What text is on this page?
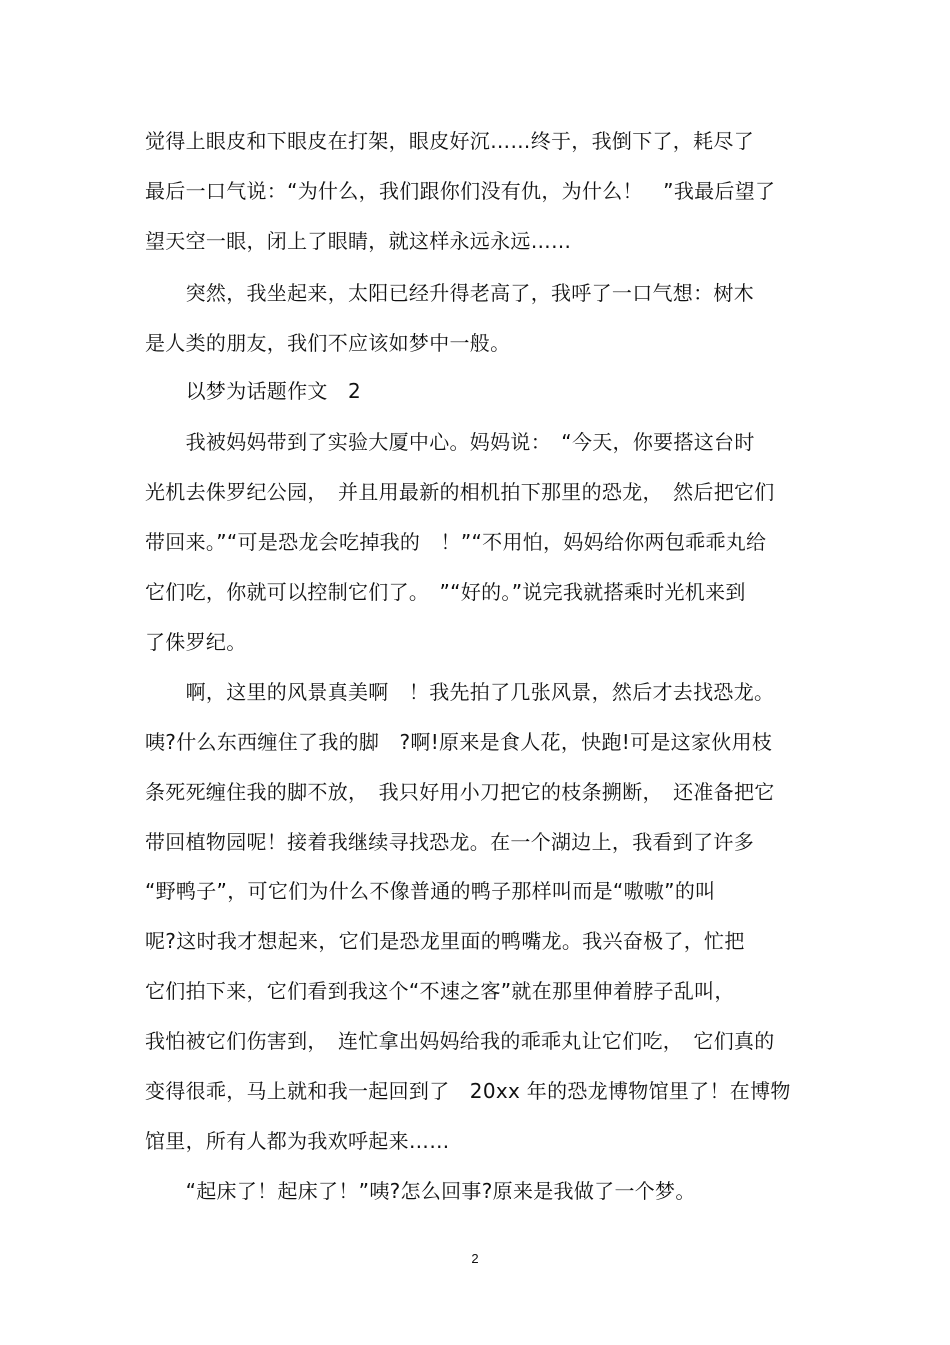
觉得上眼皮和下眼皮在打架，眼皮好沉……终于，我倒下了，耗尽了
最后一口气说：“为什么，我们跟你们没有仇，为什么！　”我最后望了
望天空一眼，闭上了眼睛，就这样永远永远……
　　突然，我坐起来，太阳已经升得老高了，我呼了一口气想：树木
是人类的朋友，我们不应该如梦中一般。
　　以梦为话题作文　2
　　我被妈妈带到了实验大厦中心。妈妈说：　“今天，你要搭这台时
光机去侏罗纪公园，　并且用最新的相机拍下那里的恐龙，　然后把它们
带回来。”“可是恐龙会吃掉我的　！”“不用怕，妈妈给你两包乖乖丸给
它们吃，你就可以控制它们了。　”“好的。”说完我就搭乘时光机来到
了侏罗纪。
　　啊，这里的风景真美啊　！我先拍了几张风景，然后才去找恐龙。
咦?什么东西缠住了我的脚　?啊!原来是食人花，快跑!可是这家伙用枝
条死死缠住我的脚不放，　我只好用小刀把它的枝条搠断，　还准备把它
带回植物园呢！接着我继续寻找恐龙。在一个湖边上，我看到了许多
“野鸭子”，可它们为什么不像普通的鸭子那样叫而是“嗷嗷”的叫
呢?这时我才想起来，它们是恐龙里面的鸭嘴龙。我兴奋极了，忙把
它们拍下来，它们看到我这个“不速之客”就在那里伸着脖子乱叫，
我怕被它们伤害到，　连忙拿出妈妈给我的乖乖丸让它们吃，　它们真的
变得很乖，马上就和我一起回到了　20xx 年的恐龙博物馆里了！在博物
馆里，所有人都为我欢呼起来……
　　“起床了！起床了！”咦?怎么回事?原来是我做了一个梦。
2
